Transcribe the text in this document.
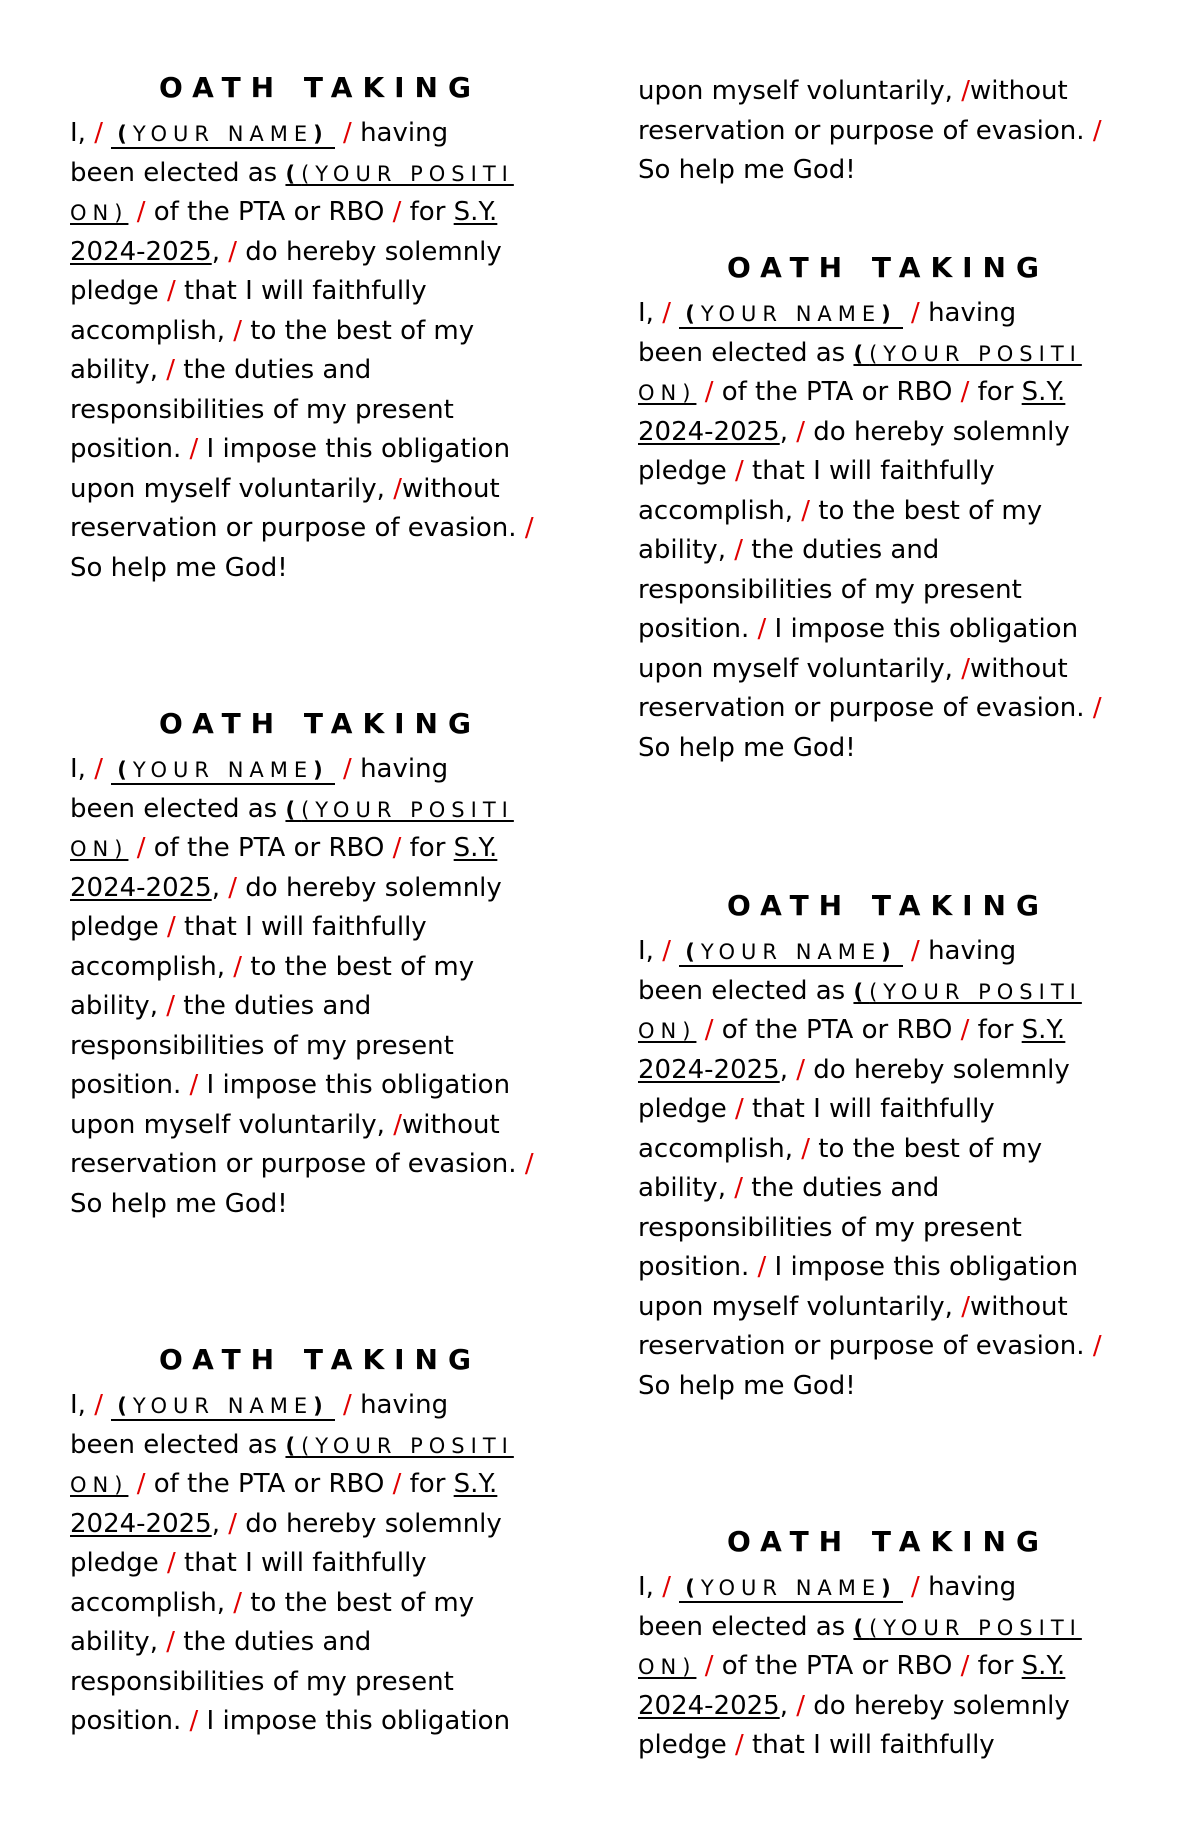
OATH TAKING
I, / (YOUR NAME) / having
been elected as ((YOUR POSITI
ON) / of the PTA or RBO / for S.Y.
2024-2025, / do hereby solemnly
pledge / that I will faithfully
accomplish, / to the best of my
ability, / the duties and
responsibilities of my present
position. / I impose this obligation
upon myself voluntarily, /without
reservation or purpose of evasion. /
So help me God!
OATH TAKING
I, / (YOUR NAME) / having
been elected as ((YOUR POSITI
ON) / of the PTA or RBO / for S.Y.
2024-2025, / do hereby solemnly
pledge / that I will faithfully
accomplish, / to the best of my
ability, / the duties and
responsibilities of my present
position. / I impose this obligation
upon myself voluntarily, /without
reservation or purpose of evasion. /
So help me God!
OATH TAKING
I, / (YOUR NAME) / having
been elected as ((YOUR POSITI
ON) / of the PTA or RBO / for S.Y.
2024-2025, / do hereby solemnly
pledge / that I will faithfully
accomplish, / to the best of my
ability, / the duties and
responsibilities of my present
position. / I impose this obligation
upon myself voluntarily, /without
reservation or purpose of evasion. /
So help me God!
OATH TAKING
I, / (YOUR NAME) / having
been elected as ((YOUR POSITI
ON) / of the PTA or RBO / for S.Y.
2024-2025, / do hereby solemnly
pledge / that I will faithfully
accomplish, / to the best of my
ability, / the duties and
responsibilities of my present
position. / I impose this obligation
upon myself voluntarily, /without
reservation or purpose of evasion. /
So help me God!
OATH TAKING
I, / (YOUR NAME) / having
been elected as ((YOUR POSITI
ON) / of the PTA or RBO / for S.Y.
2024-2025, / do hereby solemnly
pledge / that I will faithfully
accomplish, / to the best of my
ability, / the duties and
responsibilities of my present
position. / I impose this obligation
upon myself voluntarily, /without
reservation or purpose of evasion. /
So help me God!
OATH TAKING
I, / (YOUR NAME) / having
been elected as ((YOUR POSITI
ON) / of the PTA or RBO / for S.Y.
2024-2025, / do hereby solemnly
pledge / that I will faithfully
